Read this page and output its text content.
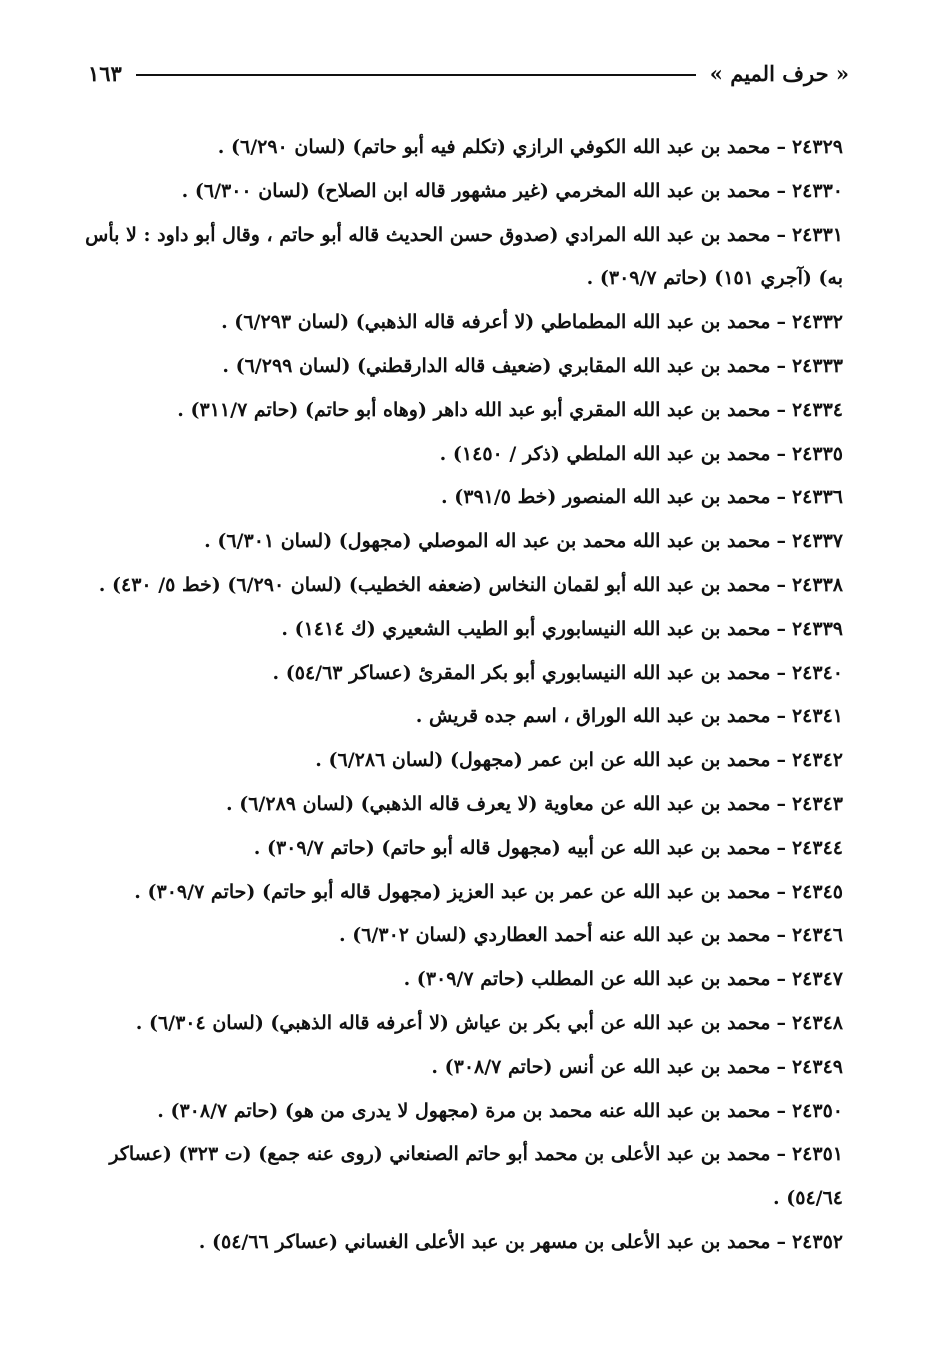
« حرف الميم »
١٦٣
٢٤٣٢٩–محمد بن عبد الله الكوفي الرازي (تكلم فيه أبو حاتم) (لسان ٦/٢٩٠) .
٢٤٣٣٠–محمد بن عبد الله المخرمي (غير مشهور قاله ابن الصلاح) (لسان ٦/٣٠٠) .
٢٤٣٣١–محمد بن عبد الله المرادي (صدوق حسن الحديث قاله أبو حاتم ، وقال أبو داود : لا بأس به) (آجري ١٥١) (حاتم ٣٠٩/٧) .
٢٤٣٣٢–محمد بن عبد الله المطماطي (لا أعرفه قاله الذهبي) (لسان ٦/٢٩٣) .
٢٤٣٣٣–محمد بن عبد الله المقابري (ضعيف قاله الدارقطني) (لسان ٦/٢٩٩) .
٢٤٣٣٤–محمد بن عبد الله المقري أبو عبد الله داهر (وهاه أبو حاتم) (حاتم ٣١١/٧) .
٢٤٣٣٥–محمد بن عبد الله الملطي (ذكر / ١٤٥٠) .
٢٤٣٣٦–محمد بن عبد الله المنصور (خط ٣٩١/٥) .
٢٤٣٣٧–محمد بن عبد الله محمد بن عبد اله الموصلي (مجهول) (لسان ٦/٣٠١) .
٢٤٣٣٨–محمد بن عبد الله أبو لقمان النخاس (ضعفه الخطيب) (لسان ٦/٢٩٠) (خط ٥/ ٤٣٠) .
٢٤٣٣٩–محمد بن عبد الله النيسابوري أبو الطيب الشعيري (ك ١٤١٤) .
٢٤٣٤٠–محمد بن عبد الله النيسابوري أبو بكر المقرئ (عساكر ٥٤/٦٣) .
٢٤٣٤١–محمد بن عبد الله الوراق ، اسم جده قريش .
٢٤٣٤٢–محمد بن عبد الله عن ابن عمر (مجهول) (لسان ٦/٢٨٦) .
٢٤٣٤٣–محمد بن عبد الله عن معاوية (لا يعرف قاله الذهبي) (لسان ٦/٢٨٩) .
٢٤٣٤٤–محمد بن عبد الله عن أبيه (مجهول قاله أبو حاتم) (حاتم ٣٠٩/٧) .
٢٤٣٤٥–محمد بن عبد الله عن عمر بن عبد العزيز (مجهول قاله أبو حاتم) (حاتم ٣٠٩/٧) .
٢٤٣٤٦–محمد بن عبد الله عنه أحمد العطاردي (لسان ٦/٣٠٢) .
٢٤٣٤٧–محمد بن عبد الله عن المطلب (حاتم ٣٠٩/٧) .
٢٤٣٤٨–محمد بن عبد الله عن أبي بكر بن عياش (لا أعرفه قاله الذهبي) (لسان ٦/٣٠٤) .
٢٤٣٤٩–محمد بن عبد الله عن أنس (حاتم ٣٠٨/٧) .
٢٤٣٥٠–محمد بن عبد الله عنه محمد بن مرة (مجهول لا يدرى من هو) (حاتم ٣٠٨/٧) .
٢٤٣٥١–محمد بن عبد الأعلى بن محمد أبو حاتم الصنعاني (روى عنه جمع) (ت ٣٢٣) (عساكر ٥٤/٦٤) .
٢٤٣٥٢–محمد بن عبد الأعلى بن مسهر بن عبد الأعلى الغساني (عساكر ٥٤/٦٦) .
